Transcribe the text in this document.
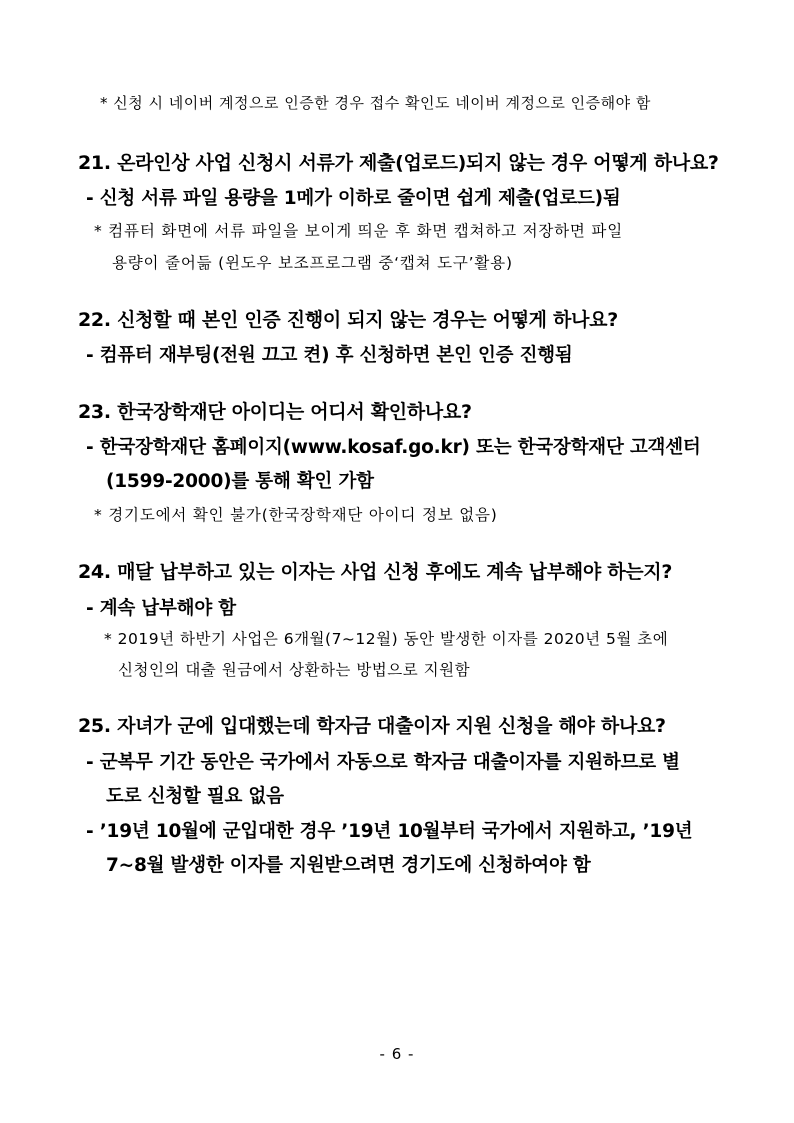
* 신청 시 네이버 계정으로 인증한 경우 접수 확인도 네이버 계정으로 인증해야 함
21. 온라인상 사업 신청시 서류가 제출(업로드)되지 않는 경우 어떻게 하나요?
- 신청 서류 파일 용량을 1메가 이하로 줄이면 쉽게 제출(업로드)됨
* 컴퓨터 화면에 서류 파일을 보이게 띄운 후 화면 캡쳐하고 저장하면 파일
용량이 줄어듦 (윈도우 보조프로그램 중‘캡쳐 도구’활용)
22. 신청할 때 본인 인증 진행이 되지 않는 경우는 어떻게 하나요?
- 컴퓨터 재부팅(전원 끄고 켠) 후 신청하면 본인 인증 진행됨
23. 한국장학재단 아이디는 어디서 확인하나요?
- 한국장학재단 홈페이지(www.kosaf.go.kr) 또는 한국장학재단 고객센터
(1599-2000)를 통해 확인 가함
* 경기도에서 확인 불가(한국장학재단 아이디 정보 없음)
24. 매달 납부하고 있는 이자는 사업 신청 후에도 계속 납부해야 하는지?
- 계속 납부해야 함
* 2019년 하반기 사업은 6개월(7~12월) 동안 발생한 이자를 2020년 5월 초에
신청인의 대출 원금에서 상환하는 방법으로 지원함
25. 자녀가 군에 입대했는데 학자금 대출이자 지원 신청을 해야 하나요?
- 군복무 기간 동안은 국가에서 자동으로 학자금 대출이자를 지원하므로 별
도로 신청할 필요 없음
- ’19년 10월에 군입대한 경우 ’19년 10월부터 국가에서 지원하고, ’19년
7~8월 발생한 이자를 지원받으려면 경기도에 신청하여야 함
- 6 -
